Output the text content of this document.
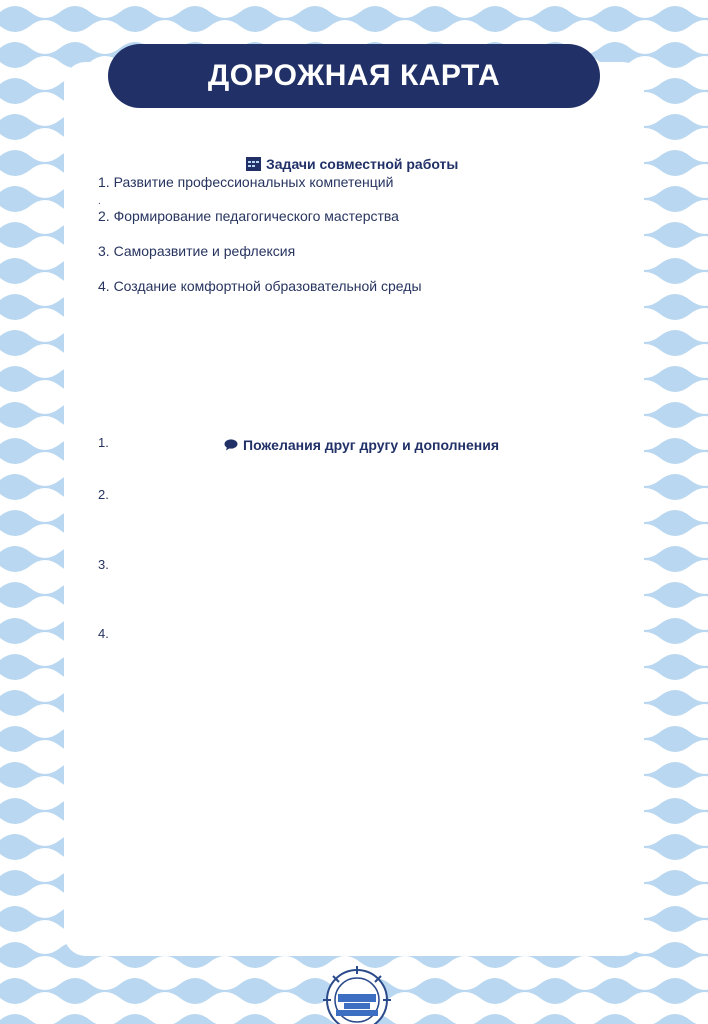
ДОРОЖНАЯ КАРТА
Задачи совместной работы
1. Развитие профессиональных компетенций
.
2. Формирование педагогического мастерства
3. Саморазвитие и рефлексия
4. Создание комфортной образовательной среды
1.	Пожелания друг другу и дополнения
2.
3.
4.
